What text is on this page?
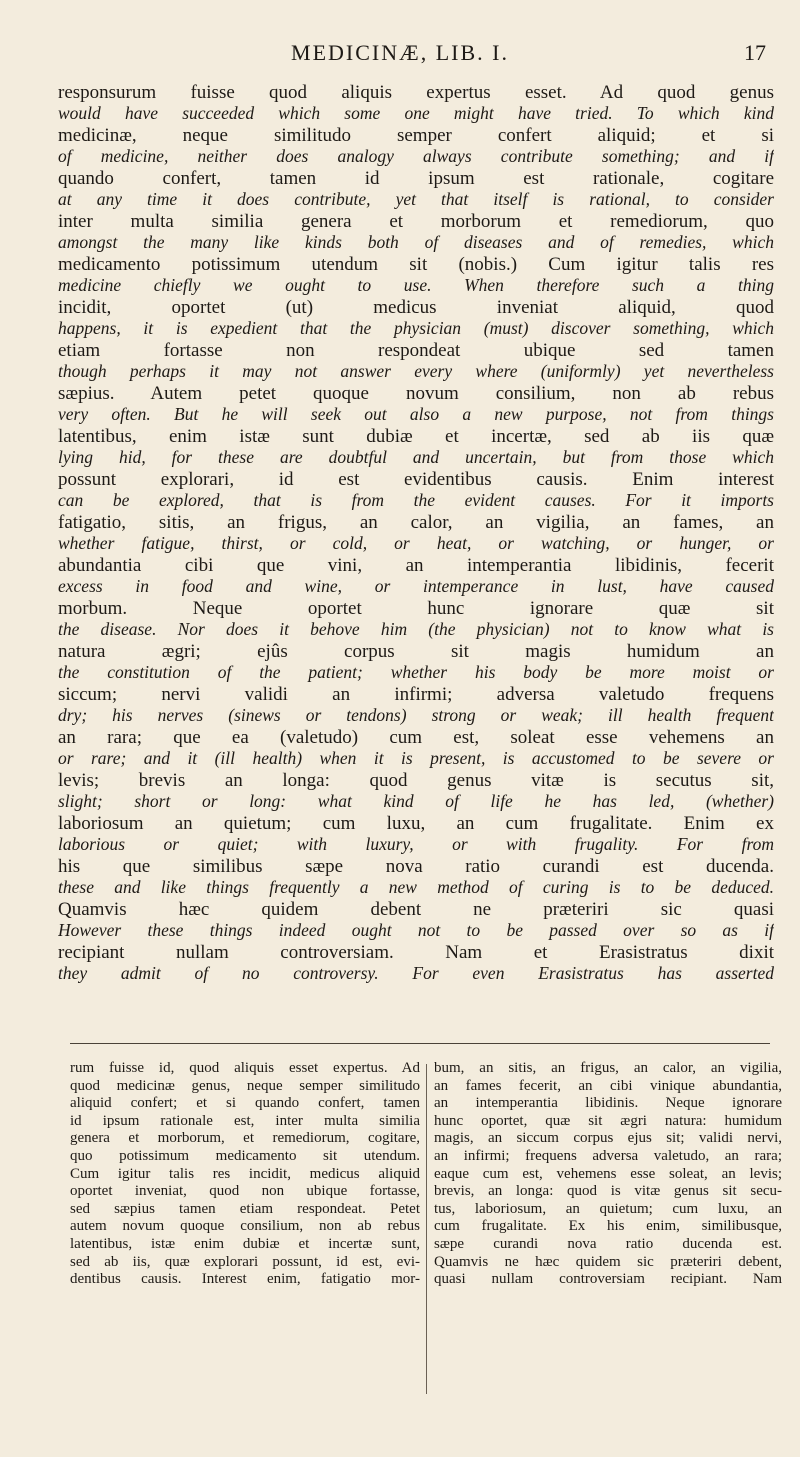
MEDICINÆ, LIB. I.	17
responsurum fuisse quod aliquis expertus esset. Ad quod genus
would have succeeded which some one might have tried. To which kind
medicinæ, neque similitudo semper confert aliquid; et si
of medicine, neither does analogy always contribute something; and if
quando confert, tamen id ipsum est rationale, cogitare
at any time it does contribute, yet that itself is rational, to consider
inter multa similia genera et morborum et remediorum, quo
amongst the many like kinds both of diseases and of remedies, which
medicamento potissimum utendum sit (nobis.) Cum igitur talis res
medicine chiefly we ought to use. When therefore such a thing
incidit, oportet (ut) medicus inveniat aliquid, quod
happens, it is expedient that the physician (must) discover something, which
etiam fortasse non respondeat ubique sed tamen
though perhaps it may not answer every where (uniformly) yet nevertheless
sæpius. Autem petet quoque novum consilium, non ab rebus
very often. But he will seek out also a new purpose, not from things
latentibus, enim istæ sunt dubiæ et incertæ, sed ab iis quæ
lying hid, for these are doubtful and uncertain, but from those which
possunt explorari, id est evidentibus causis. Enim interest
can be explored, that is from the evident causes. For it imports
fatigatio, sitis, an frigus, an calor, an vigilia, an fames, an
whether fatigue, thirst, or cold, or heat, or watching, or hunger, or
abundantia cibi que vini, an intemperantia libidinis, fecerit
excess in food and wine, or intemperance in lust, have caused
morbum. Neque oportet hunc ignorare quæ sit
the disease. Nor does it behove him (the physician) not to know what is
natura ægri; ejûs corpus sit magis humidum an
the constitution of the patient; whether his body be more moist or
siccum; nervi validi an infirmi; adversa valetudo frequens
dry; his nerves (sinews or tendons) strong or weak; ill health frequent
an rara; que ea (valetudo) cum est, soleat esse vehemens an
or rare; and it (ill health) when it is present, is accustomed to be severe or
levis; brevis an longa: quod genus vitæ is secutus sit,
slight; short or long: what kind of life he has led, (whether)
laboriosum an quietum; cum luxu, an cum frugalitate. Enim ex
laborious or quiet; with luxury, or with frugality. For from
his que similibus sæpe nova ratio curandi est ducenda.
these and like things frequently a new method of curing is to be deduced.
Quamvis hæc quidem debent ne præteriri sic quasi
However these things indeed ought not to be passed over so as if
recipiant nullam controversiam. Nam et Erasistratus dixit
they admit of no controversy. For even Erasistratus has asserted
rum fuisse id, quod aliquis esset expertus. Ad
quod medicinæ genus, neque semper similitudo
aliquid confert; et si quando confert, tamen
id ipsum rationale est, inter multa similia
genera et morborum, et remediorum, cogitare,
quo potissimum medicamento sit utendum.
Cum igitur talis res incidit, medicus aliquid
oportet inveniat, quod non ubique fortasse,
sed sæpius tamen etiam respondeat. Petet
autem novum quoque consilium, non ab rebus
latentibus, istæ enim dubiæ et incertæ sunt,
sed ab iis, quæ explorari possunt, id est, evi-
dentibus causis. Interest enim, fatigatio mor-
bum, an sitis, an frigus, an calor, an vigilia,
an fames fecerit, an cibi vinique abundantia,
an intemperantia libidinis. Neque ignorare
hunc oportet, quæ sit ægri natura: humidum
magis, an siccum corpus ejus sit; validi nervi,
an infirmi; frequens adversa valetudo, an rara;
eaque cum est, vehemens esse soleat, an levis;
brevis, an longa: quod is vitæ genus sit secu-
tus, laboriosum, an quietum; cum luxu, an
cum frugalitate. Ex his enim, similibusque,
sæpe curandi nova ratio ducenda est.
Quamvis ne hæc quidem sic præteriri debent,
quasi nullam controversiam recipiant. Nam
